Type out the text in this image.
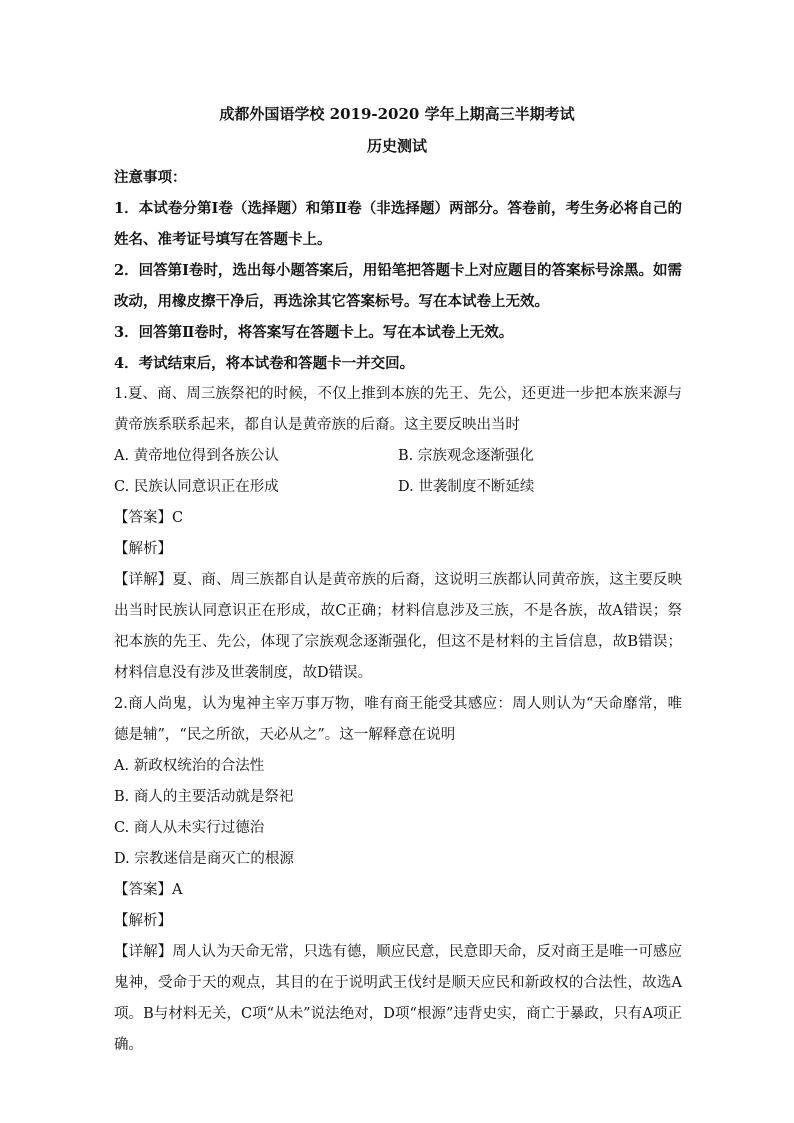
成都外国语学校 2019-2020 学年上期高三半期考试
历史测试

注意事项：

1．本试卷分第Ⅰ卷（选择题）和第Ⅱ卷（非选择题）两部分。答卷前，考生务必将自己的姓名、准考证号填写在答题卡上。

2．回答第Ⅰ卷时，选出每小题答案后，用铅笔把答题卡上对应题目的答案标号涂黑。如需改动，用橡皮擦干净后，再选涂其它答案标号。写在本试卷上无效。

3．回答第Ⅱ卷时，将答案写在答题卡上。写在本试卷上无效。

4．考试结束后，将本试卷和答题卡一并交回。

1.夏、商、周三族祭祀的时候，不仅上推到本族的先王、先公，还更进一步把本族来源与黄帝族系联系起来，都自认是黄帝族的后裔。这主要反映出当时

A. 黄帝地位得到各族公认	B. 宗族观念逐渐强化
C. 民族认同意识正在形成	D. 世袭制度不断延续

【答案】C

【解析】

【详解】夏、商、周三族都自认是黄帝族的后裔，这说明三族都认同黄帝族，这主要反映出当时民族认同意识正在形成，故C正确；材料信息涉及三族，不是各族，故A错误；祭祀本族的先王、先公，体现了宗族观念逐渐强化，但这不是材料的主旨信息，故B错误；材料信息没有涉及世袭制度，故D错误。

2.商人尚鬼，认为鬼神主宰万事万物，唯有商王能受其感应：周人则认为“天命靡常，唯德是辅”，“民之所欲，天必从之”。这一解释意在说明

A. 新政权统治的合法性

B. 商人的主要活动就是祭祀

C. 商人从未实行过德治

D. 宗教迷信是商灭亡的根源

【答案】A

【解析】

【详解】周人认为天命无常，只选有德，顺应民意，民意即天命，反对商王是唯一可感应鬼神，受命于天的观点，其目的在于说明武王伐纣是顺天应民和新政权的合法性，故选A项。B与材料无关，C项“从未”说法绝对，D项“根源”违背史实，商亡于暴政，只有A项正确。
